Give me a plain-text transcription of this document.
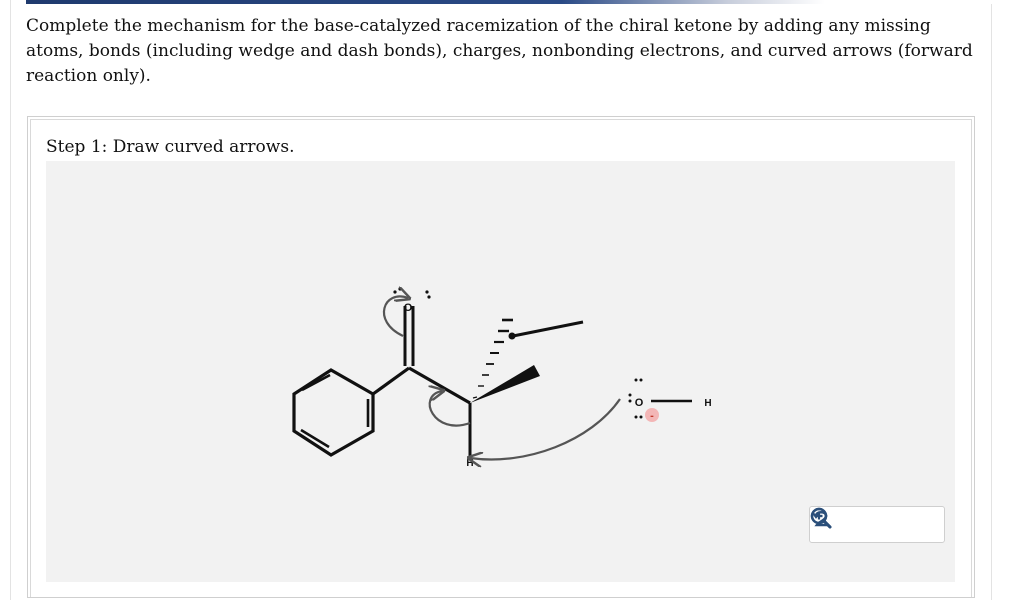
Complete the mechanism for the base-catalyzed racemization of the chiral ketone by adding any missing atoms, bonds (including wedge and dash bonds), charges, nonbonding electrons, and curved arrows (forward reaction only).
Step 1: Draw curved arrows.
O
H
O	H
-
